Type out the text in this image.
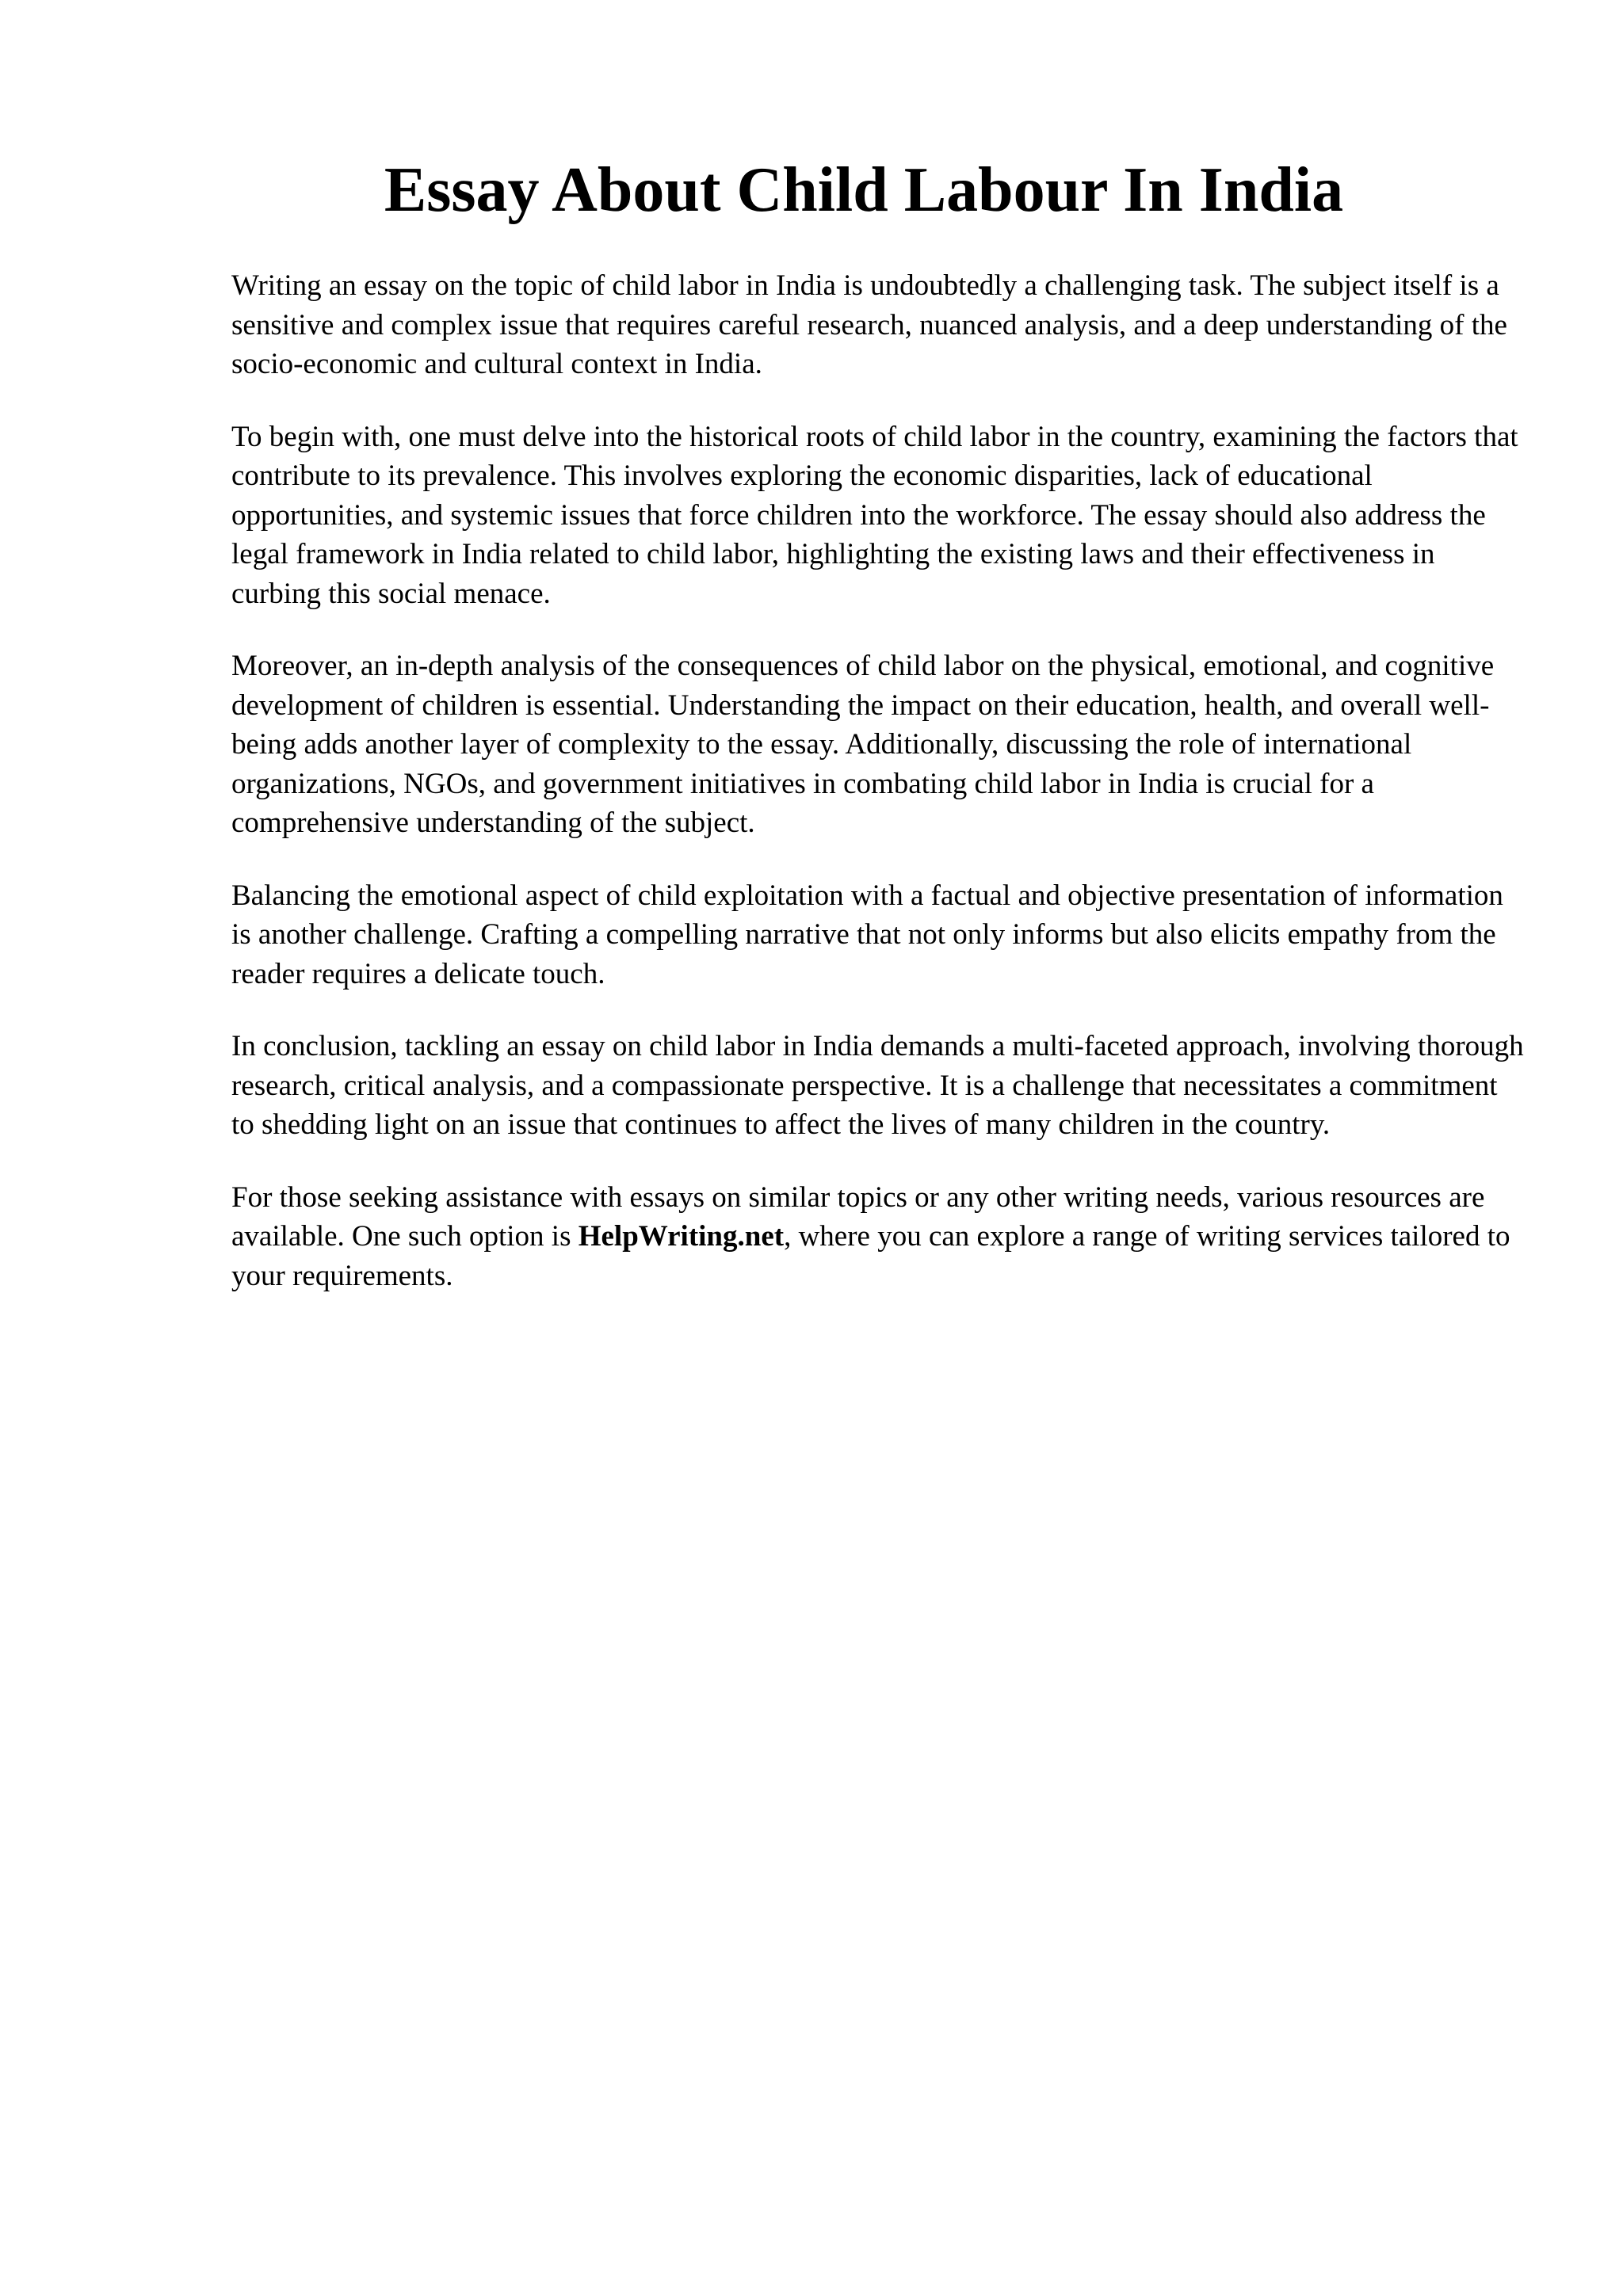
Essay About Child Labour In India

Writing an essay on the topic of child labor in India is undoubtedly a challenging task. The subject itself is a sensitive and complex issue that requires careful research, nuanced analysis, and a deep understanding of the socio-economic and cultural context in India.

To begin with, one must delve into the historical roots of child labor in the country, examining the factors that contribute to its prevalence. This involves exploring the economic disparities, lack of educational opportunities, and systemic issues that force children into the workforce. The essay should also address the legal framework in India related to child labor, highlighting the existing laws and their effectiveness in curbing this social menace.

Moreover, an in-depth analysis of the consequences of child labor on the physical, emotional, and cognitive development of children is essential. Understanding the impact on their education, health, and overall well-being adds another layer of complexity to the essay. Additionally, discussing the role of international organizations, NGOs, and government initiatives in combating child labor in India is crucial for a comprehensive understanding of the subject.

Balancing the emotional aspect of child exploitation with a factual and objective presentation of information is another challenge. Crafting a compelling narrative that not only informs but also elicits empathy from the reader requires a delicate touch.

In conclusion, tackling an essay on child labor in India demands a multi-faceted approach, involving thorough research, critical analysis, and a compassionate perspective. It is a challenge that necessitates a commitment to shedding light on an issue that continues to affect the lives of many children in the country.

For those seeking assistance with essays on similar topics or any other writing needs, various resources are available. One such option is HelpWriting.net, where you can explore a range of writing services tailored to your requirements.
